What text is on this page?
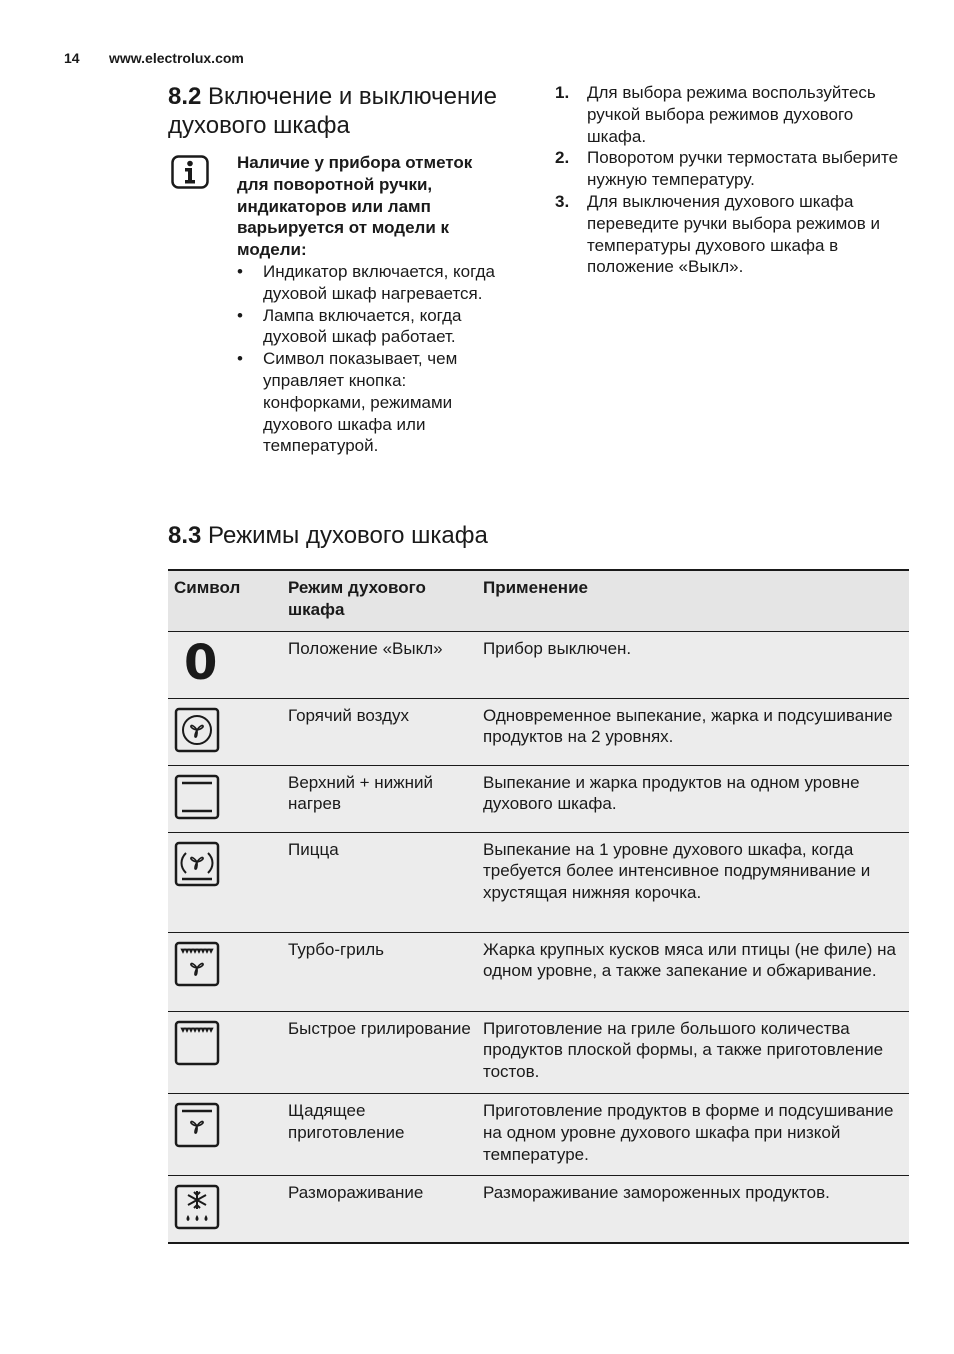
14 www.electrolux.com
8.2 Включение и выключение духового шкафа

Наличие у прибора отметок для поворотной ручки, индикаторов или ламп варьируется от модели к модели:

• Индикатор включается, когда духовой шкаф нагревается.
• Лампа включается, когда духовой шкаф работает.
• Символ показывает, чем управляет кнопка: конфорками, режимами духового шкафа или температурой.
1. Для выбора режима воспользуйтесь ручкой выбора режимов духового шкафа.
2. Поворотом ручки термостата выберите нужную температуру.
3. Для выключения духового шкафа переведите ручки выбора режимов и температуры духового шкафа в положение «Выкл».
8.3 Режимы духового шкафа
Символ	Режим духового шкафа	Применение

0	Положение «Выкл»	Прибор выключен.

	Горячий воздух	Одновременное выпекание, жарка и подсушивание продуктов на 2 уровнях.

	Верхний + нижний нагрев	Выпекание и жарка продуктов на одном уровне духового шкафа.

	Пицца	Выпекание на 1 уровне духового шкафа, когда требуется более интенсивное подрумянивание и хрустящая нижняя корочка.

	Турбо-гриль	Жарка крупных кусков мяса или птицы (не филе) на одном уровне, а также запекание и обжаривание.

	Быстрое грилирование	Приготовление на гриле большого количества продуктов плоской формы, а также приготовление тостов.

	Щадящее приготовление	Приготовление продуктов в форме и подсушивание на одном уровне духового шкафа при низкой температуре.

	Размораживание	Размораживание замороженных продуктов.
